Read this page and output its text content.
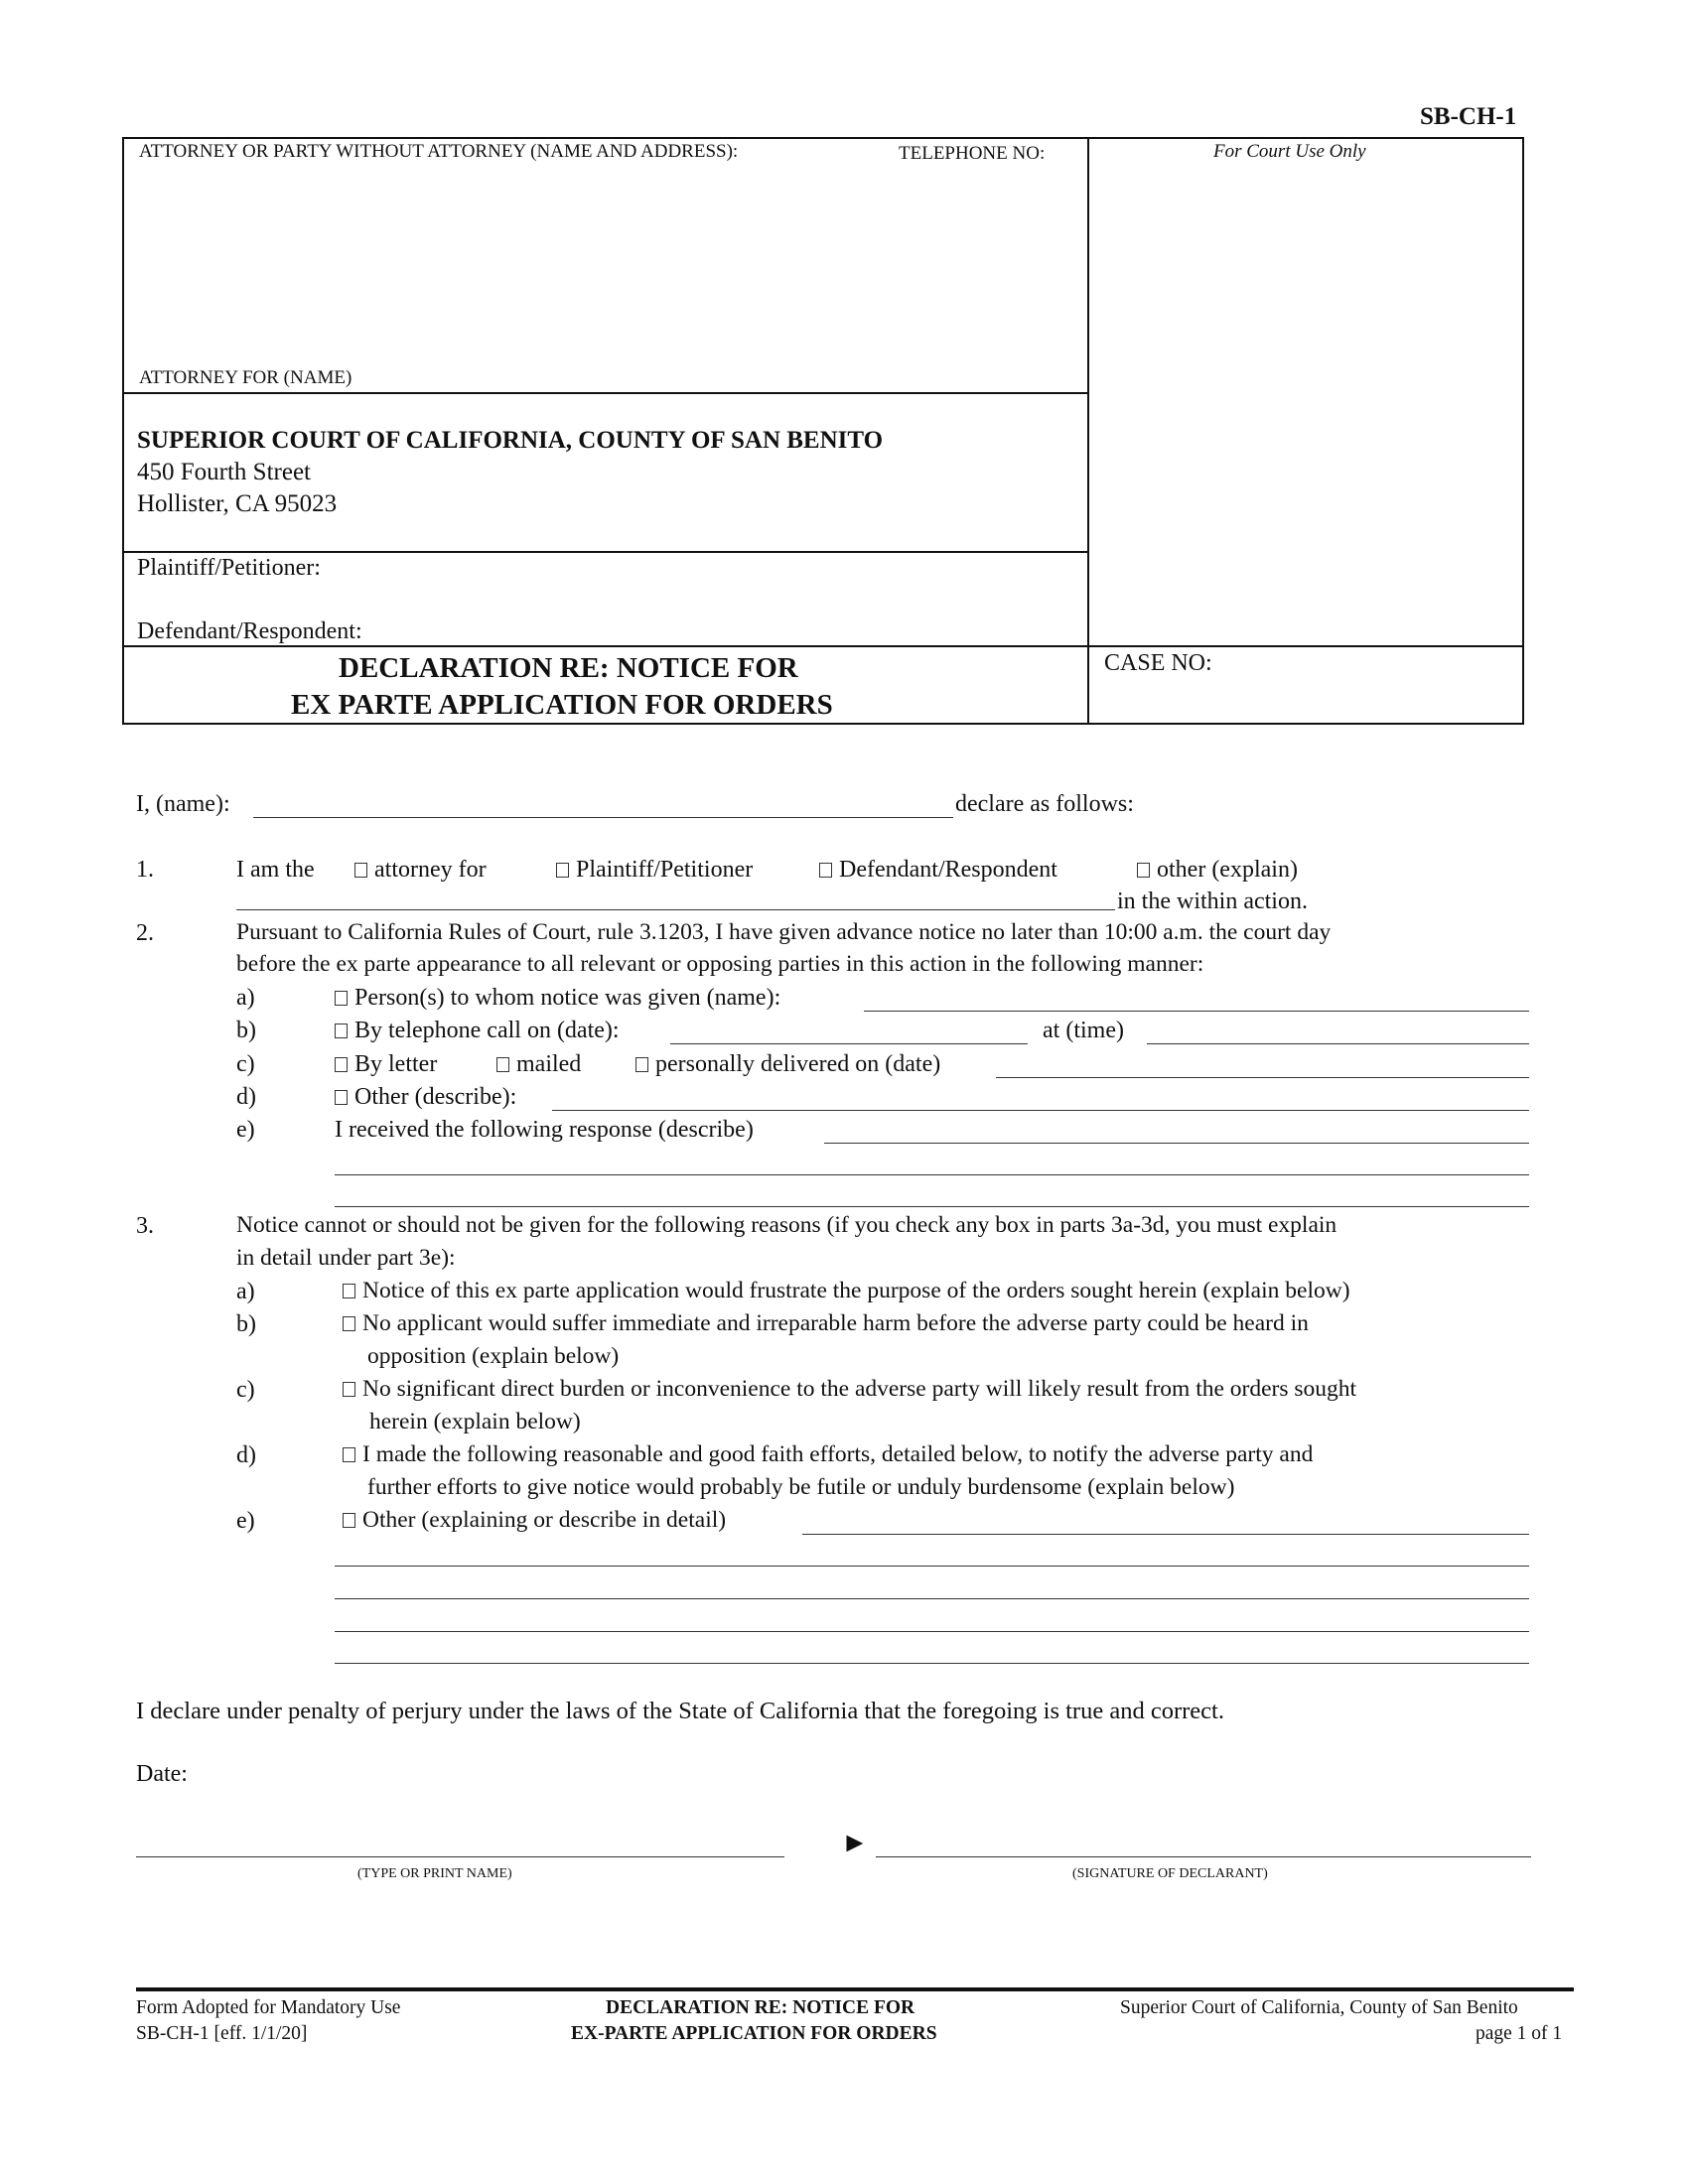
SB-CH-1
ATTORNEY OR PARTY WITHOUT ATTORNEY (NAME AND ADDRESS):	TELEPHONE NO:	For Court Use Only
ATTORNEY FOR (NAME)
SUPERIOR COURT OF CALIFORNIA, COUNTY OF SAN BENITO
450 Fourth Street
Hollister, CA 95023
Plaintiff/Petitioner:
Defendant/Respondent:
DECLARATION RE: NOTICE FOR
EX PARTE APPLICATION FOR ORDERS
CASE NO:
I, (name):	declare as follows:
1.	I am the	attorney for	Plaintiff/Petitioner	Defendant/Respondent	other (explain)
in the within action.
2.	Pursuant to California Rules of Court, rule 3.1203, I have given advance notice no later than 10:00 a.m. the court day
before the ex parte appearance to all relevant or opposing parties in this action in the following manner:
a)	Person(s) to whom notice was given (name):
b)	By telephone call on (date):	at (time)
c)	By letter	mailed	personally delivered on (date)
d)	Other (describe):
e)	I received the following response (describe)
3.	Notice cannot or should not be given for the following reasons (if you check any box in parts 3a-3d, you must explain
in detail under part 3e):
a)	Notice of this ex parte application would frustrate the purpose of the orders sought herein (explain below)
b)	No applicant would suffer immediate and irreparable harm before the adverse party could be heard in
opposition (explain below)
c)	No significant direct burden or inconvenience to the adverse party will likely result from the orders sought
herein (explain below)
d)	I made the following reasonable and good faith efforts, detailed below, to notify the adverse party and
further efforts to give notice would probably be futile or unduly burdensome (explain below)
e)	Other (explaining or describe in detail)
I declare under penalty of perjury under the laws of the State of California that the foregoing is true and correct.
Date:
(TYPE OR PRINT NAME)
►
(SIGNATURE OF DECLARANT)
Form Adopted for Mandatory Use
SB-CH-1 [eff. 1/1/20]
DECLARATION RE: NOTICE FOR
EX-PARTE APPLICATION FOR ORDERS
Superior Court of California, County of San Benito
page 1 of 1
